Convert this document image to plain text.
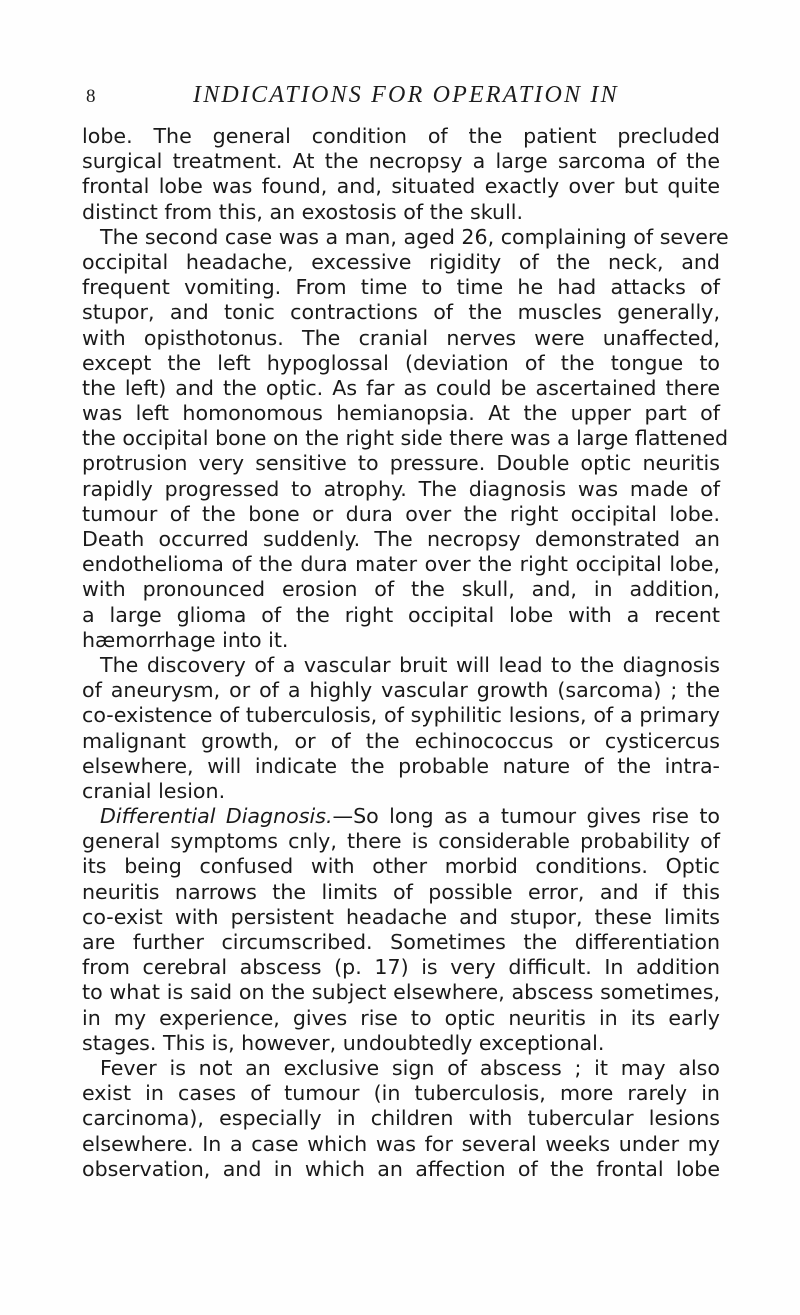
8	INDICATIONS FOR OPERATION IN
lobe. The general condition of the patient precluded
surgical treatment. At the necropsy a large sarcoma of the
frontal lobe was found, and, situated exactly over but quite
distinct from this, an exostosis of the skull.
The second case was a man, aged 26, complaining of severe
occipital headache, excessive rigidity of the neck, and
frequent vomiting. From time to time he had attacks of
stupor, and tonic contractions of the muscles generally,
with opisthotonus. The cranial nerves were unaffected,
except the left hypoglossal (deviation of the tongue to
the left) and the optic. As far as could be ascertained there
was left homonomous hemianopsia. At the upper part of
the occipital bone on the right side there was a large flattened
protrusion very sensitive to pressure. Double optic neuritis
rapidly progressed to atrophy. The diagnosis was made of
tumour of the bone or dura over the right occipital lobe.
Death occurred suddenly. The necropsy demonstrated an
endothelioma of the dura mater over the right occipital lobe,
with pronounced erosion of the skull, and, in addition,
a large glioma of the right occipital lobe with a recent
hæmorrhage into it.
The discovery of a vascular bruit will lead to the diagnosis
of aneurysm, or of a highly vascular growth (sarcoma) ; the
co-existence of tuberculosis, of syphilitic lesions, of a primary
malignant growth, or of the echinococcus or cysticercus
elsewhere, will indicate the probable nature of the intra-
cranial lesion.
Differential Diagnosis.—So long as a tumour gives rise to
general symptoms cnly, there is considerable probability of
its being confused with other morbid conditions. Optic
neuritis narrows the limits of possible error, and if this
co-exist with persistent headache and stupor, these limits
are further circumscribed. Sometimes the differentiation
from cerebral abscess (p. 17) is very difficult. In addition
to what is said on the subject elsewhere, abscess sometimes,
in my experience, gives rise to optic neuritis in its early
stages. This is, however, undoubtedly exceptional.
Fever is not an exclusive sign of abscess ; it may also
exist in cases of tumour (in tuberculosis, more rarely in
carcinoma), especially in children with tubercular lesions
elsewhere. In a case which was for several weeks under my
observation, and in which an affection of the frontal lobe
